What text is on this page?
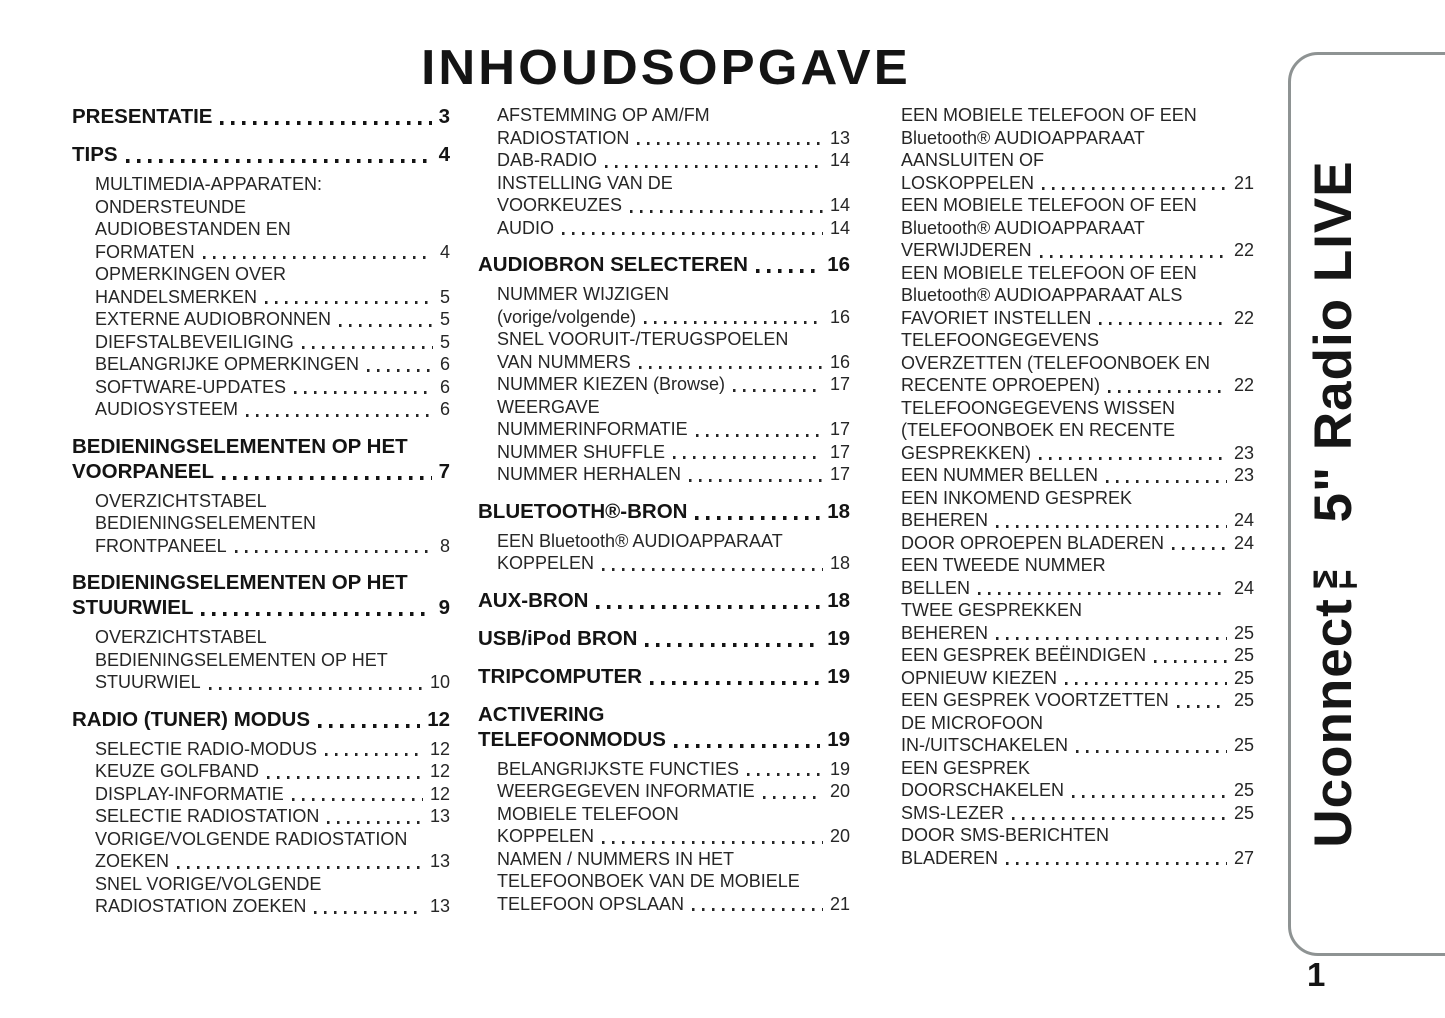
INHOUDSOPGAVE
PRESENTATIE	3
TIPS	4
MULTIMEDIA-APPARATEN:
ONDERSTEUNDE
AUDIOBESTANDEN EN
FORMATEN	4
OPMERKINGEN OVER
HANDELSMERKEN	5
EXTERNE AUDIOBRONNEN	5
DIEFSTALBEVEILIGING	5
BELANGRIJKE OPMERKINGEN	6
SOFTWARE-UPDATES	6
AUDIOSYSTEEM	6
BEDIENINGSELEMENTEN OP HET
VOORPANEEL	7
OVERZICHTSTABEL
BEDIENINGSELEMENTEN
FRONTPANEEL	8
BEDIENINGSELEMENTEN OP HET
STUURWIEL	9
OVERZICHTSTABEL
BEDIENINGSELEMENTEN OP HET
STUURWIEL	10
RADIO (TUNER) MODUS	12
SELECTIE RADIO-MODUS	12
KEUZE GOLFBAND	12
DISPLAY-INFORMATIE	12
SELECTIE RADIOSTATION	13
VORIGE/VOLGENDE RADIOSTATION
ZOEKEN	13
SNEL VORIGE/VOLGENDE
RADIOSTATION ZOEKEN	13
AFSTEMMING OP AM/FM
RADIOSTATION	13
DAB-RADIO	14
INSTELLING VAN DE
VOORKEUZES	14
AUDIO	14
AUDIOBRON SELECTEREN	16
NUMMER WIJZIGEN
(vorige/volgende)	16
SNEL VOORUIT-/TERUGSPOELEN
VAN NUMMERS	16
NUMMER KIEZEN (Browse)	17
WEERGAVE
NUMMERINFORMATIE	17
NUMMER SHUFFLE	17
NUMMER HERHALEN	17
BLUETOOTH®-BRON	18
EEN Bluetooth® AUDIOAPPARAAT
KOPPELEN	18
AUX-BRON	18
USB/iPod BRON	19
TRIPCOMPUTER	19
ACTIVERING
TELEFOONMODUS	19
BELANGRIJKSTE FUNCTIES	19
WEERGEGEVEN INFORMATIE	20
MOBIELE TELEFOON
KOPPELEN	20
NAMEN / NUMMERS IN HET
TELEFOONBOEK VAN DE MOBIELE
TELEFOON OPSLAAN	21
EEN MOBIELE TELEFOON OF EEN
Bluetooth® AUDIOAPPARAAT
AANSLUITEN OF
LOSKOPPELEN	21
EEN MOBIELE TELEFOON OF EEN
Bluetooth® AUDIOAPPARAAT
VERWIJDEREN	22
EEN MOBIELE TELEFOON OF EEN
Bluetooth® AUDIOAPPARAAT ALS
FAVORIET INSTELLEN	22
TELEFOONGEGEVENS
OVERZETTEN (TELEFOONBOEK EN
RECENTE OPROEPEN)	22
TELEFOONGEGEVENS WISSEN
(TELEFOONBOEK EN RECENTE
GESPREKKEN)	23
EEN NUMMER BELLEN	23
EEN INKOMEND GESPREK
BEHEREN	24
DOOR OPROEPEN BLADEREN	24
EEN TWEEDE NUMMER
BELLEN	24
TWEE GESPREKKEN
BEHEREN	25
EEN GESPREK BEËINDIGEN	25
OPNIEUW KIEZEN	25
EEN GESPREK VOORTZETTEN	25
DE MICROFOON
IN-/UITSCHAKELEN	25
EEN GESPREK
DOORSCHAKELEN	25
SMS-LEZER	25
DOOR SMS-BERICHTEN
BLADEREN	27
Uconnect™ 5" Radio LIVE
1
